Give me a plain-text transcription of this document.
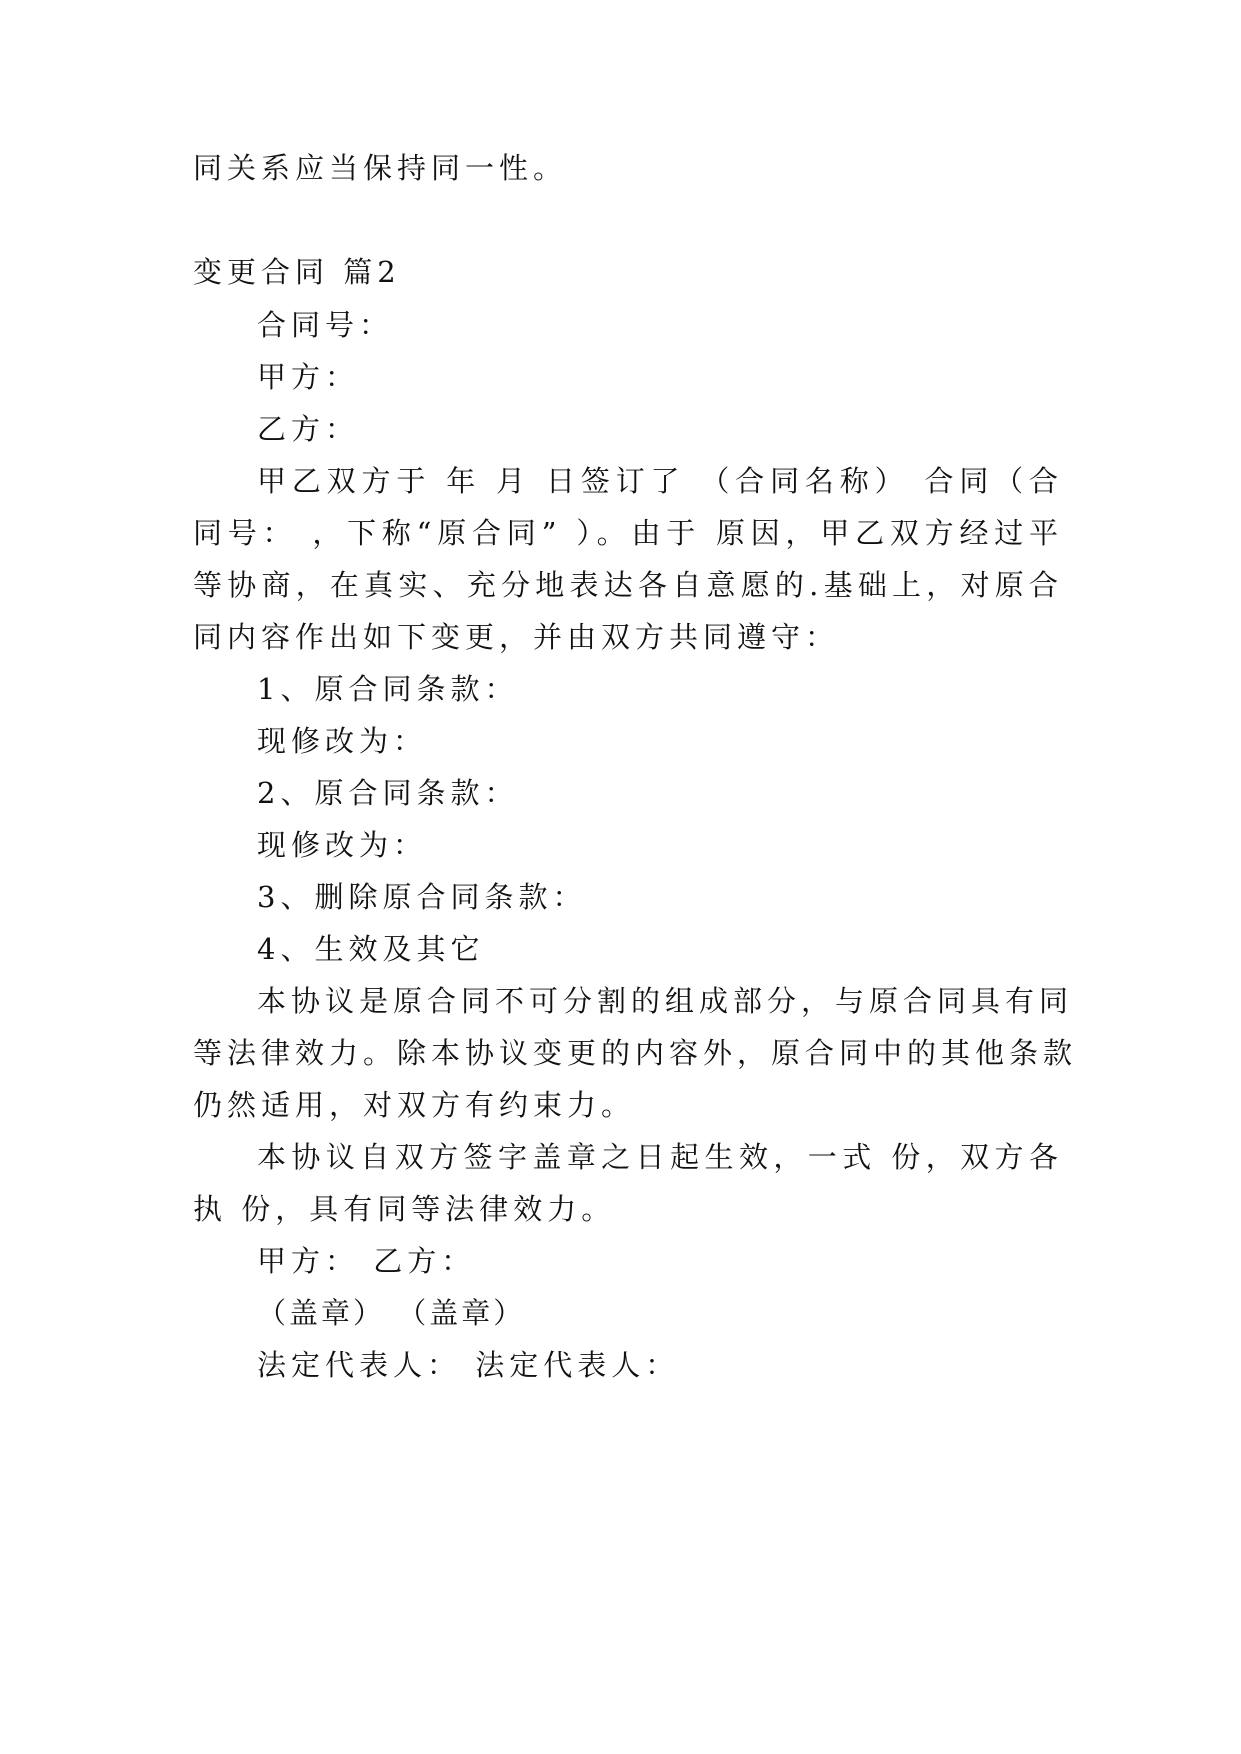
同关系应当保持同一性。
变更合同 篇2
合同号：
甲方：
乙方：
甲乙双方于 年 月 日签订了 （合同名称） 合同（合
同号： ，下称“原合同” ）。由于 原因，甲乙双方经过平
等协商，在真实、充分地表达各自意愿的.基础上，对原合
同内容作出如下变更，并由双方共同遵守：
1、原合同条款：
现修改为：
2、原合同条款：
现修改为：
3、删除原合同条款：
4、生效及其它
本协议是原合同不可分割的组成部分，与原合同具有同
等法律效力。除本协议变更的内容外，原合同中的其他条款
仍然适用，对双方有约束力。
本协议自双方签字盖章之日起生效，一式 份，双方各
执 份，具有同等法律效力。
甲方： 乙方：
（盖章） （盖章）
法定代表人： 法定代表人：
